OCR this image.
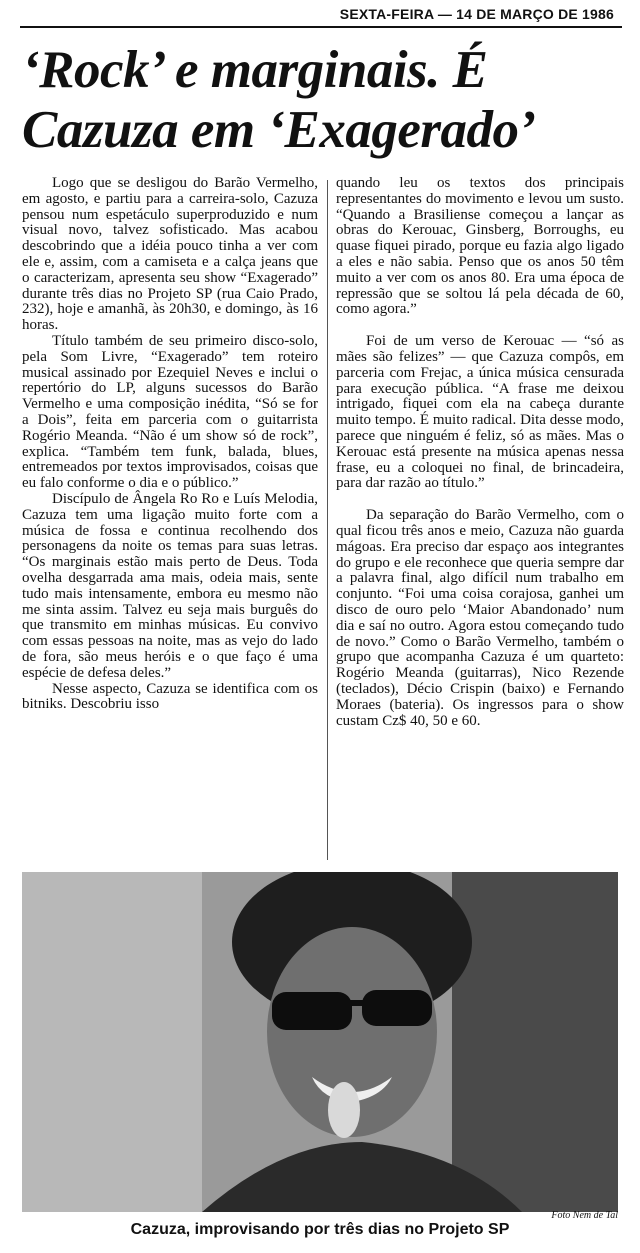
SEXTA-FEIRA — 14 DE MARÇO DE 1986
‘Rock’ e marginais. É Cazuza em ‘Exagerado’

Logo que se desligou do Barão Vermelho, em agosto, e partiu para a carreira-solo, Cazuza pensou num espetáculo superproduzido e num visual novo, talvez sofisticado. Mas acabou descobrindo que a idéia pouco tinha a ver com ele e, assim, com a camiseta e a calça jeans que o caracterizam, apresenta seu show “Exagerado” durante três dias no Projeto SP (rua Caio Prado, 232), hoje e amanhã, às 20h30, e domingo, às 16 horas.

Título também de seu primeiro disco-solo, pela Som Livre, “Exagerado” tem roteiro musical assinado por Ezequiel Neves e inclui o repertório do LP, alguns sucessos do Barão Vermelho e uma composição inédita, “Só se for a Dois”, feita em parceria com o guitarrista Rogério Meanda. “Não é um show só de rock”, explica. “Também tem funk, balada, blues, entremeados por textos improvisados, coisas que eu falo conforme o dia e o público.”

Discípulo de Ângela Ro Ro e Luís Melodia, Cazuza tem uma ligação muito forte com a música de fossa e continua recolhendo dos personagens da noite os temas para suas letras. “Os marginais estão mais perto de Deus. Toda ovelha desgarrada ama mais, odeia mais, sente tudo mais intensamente, embora eu mesmo não me sinta assim. Talvez eu seja mais burguês do que transmito em minhas músicas. Eu convivo com essas pessoas na noite, mas as vejo do lado de fora, são meus heróis e o que faço é uma espécie de defesa deles.”

Nesse aspecto, Cazuza se identifica com os bitniks. Descobriu isso

quando leu os textos dos principais representantes do movimento e levou um susto. “Quando a Brasiliense começou a lançar as obras do Kerouac, Ginsberg, Borroughs, eu quase fiquei pirado, porque eu fazia algo ligado a eles e não sabia. Penso que os anos 50 têm muito a ver com os anos 80. Era uma época de repressão que se soltou lá pela década de 60, como agora.”

Foi de um verso de Kerouac — “só as mães são felizes” — que Cazuza compôs, em parceria com Frejac, a única música censurada para execução pública. “A frase me deixou intrigado, fiquei com ela na cabeça durante muito tempo. É muito radical. Dita desse modo, parece que ninguém é feliz, só as mães. Mas o Kerouac está presente na música apenas nessa frase, eu a coloquei no final, de brincadeira, para dar razão ao título.”

Da separação do Barão Vermelho, com o qual ficou três anos e meio, Cazuza não guarda mágoas. Era preciso dar espaço aos integrantes do grupo e ele reconhece que queria sempre dar a palavra final, algo difícil num trabalho em conjunto. “Foi uma coisa corajosa, ganhei um disco de ouro pelo ‘Maior Abandonado’ num dia e saí no outro. Agora estou começando tudo de novo.” Como o Barão Vermelho, também o grupo que acompanha Cazuza é um quarteto: Rogério Meanda (guitarras), Nico Rezende (teclados), Décio Crispin (baixo) e Fernando Moraes (bateria). Os ingressos para o show custam Cz$ 40, 50 e 60.

Foto Nem de Tal
Cazuza, improvisando por três dias no Projeto SP
